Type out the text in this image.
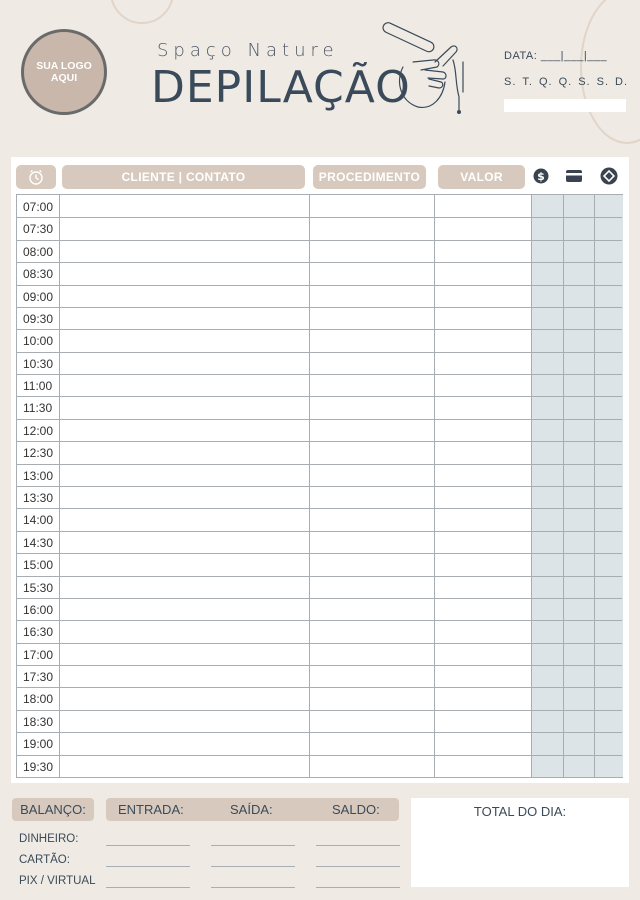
SUA LOGO AQUI
Spaço Nature
DEPILAÇÃO
DATA: ___|___|___
S. T. Q. Q. S. S. D.
CLIENTE | CONTATO	PROCEDIMENTO	VALOR	$
07:00
07:30
08:00
08:30
09:00
09:30
10:00
10:30
11:00
11:30
12:00
12:30
13:00
13:30
14:00
14:30
15:00
15:30
16:00
16:30
17:00
17:30
18:00
18:30
19:00
19:30
BALANÇO:	ENTRADA:	SAÍDA:	SALDO:
DINHEIRO:
CARTÃO:
PIX / VIRTUAL
TOTAL DO DIA:
